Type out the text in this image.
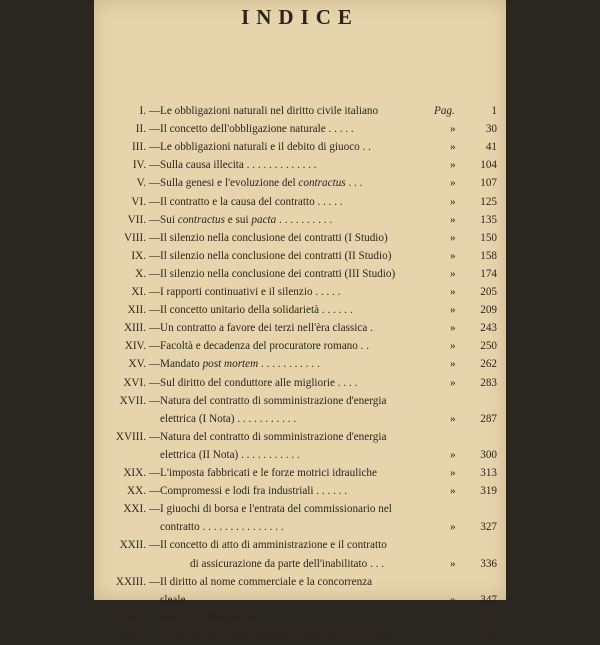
INDICE
I. — Le obbligazioni naturali nel diritto civile italiano	Pag.	1
II. — Il concetto dell'obbligazione naturale . . . . .	»	30
III. — Le obbligazioni naturali e il debito di giuoco . .	»	41
IV. — Sulla causa illecita . . . . . . . . . . . . .	» 104
V. — Sulla genesi e l'evoluzione del contractus . . .	» 107
VI. — Il contratto e la causa del contratto . . . . .	» 125
VII. — Sui contractus e sui pacta . . . . . . . . . .	» 135
VIII. — Il silenzio nella conclusione dei contratti (I Studio)	» 150
IX. — Il silenzio nella conclusione dei contratti (II Studio)	» 158
X. — Il silenzio nella conclusione dei contratti (III Studio)	» 174
XI. — I rapporti continuativi e il silenzio . . . . .	» 205
XII. — Il concetto unitario della solidarietà . . . . . .	» 209
XIII. — Un contratto a favore dei terzi nell'èra classica .	» 243
XIV. — Facoltà e decadenza del procuratore romano . .	» 250
XV. — Mandato post mortem . . . . . . . . . . .	» 262
XVI. — Sul diritto del conduttore alle migliorie . . . .	» 283
XVII. — Natura del contratto di somministrazione d'energia
elettrica (I Nota) . . . . . . . . . . .	» 287
XVIII. — Natura del contratto di somministrazione d'energia
elettrica (II Nota) . . . . . . . . . . .	» 300
XIX. — L'imposta fabbricati e le forze motrici idrauliche	» 313
XX. — Compromessi e lodi fra industriali . . . . . .	» 319
XXI. — I giuochi di borsa e l'entrata del commissionario nel
contratto . . . . . . . . . . . . . . .	» 327
XXII. — Il concetto di atto di amministrazione e il contratto
di assicurazione da parte dell'inabilitato . . .	» 336
XXIII. — Il diritto al nome commerciale e la concorrenza
sleale . . . . . . . . . . . . . . . . .	» 347
XXIV. — Servitù e obbligazione . . . . . . . . . . .	» 355
XXV. — La solidarietà classica delle obbligazioni indivisibili	» 368
